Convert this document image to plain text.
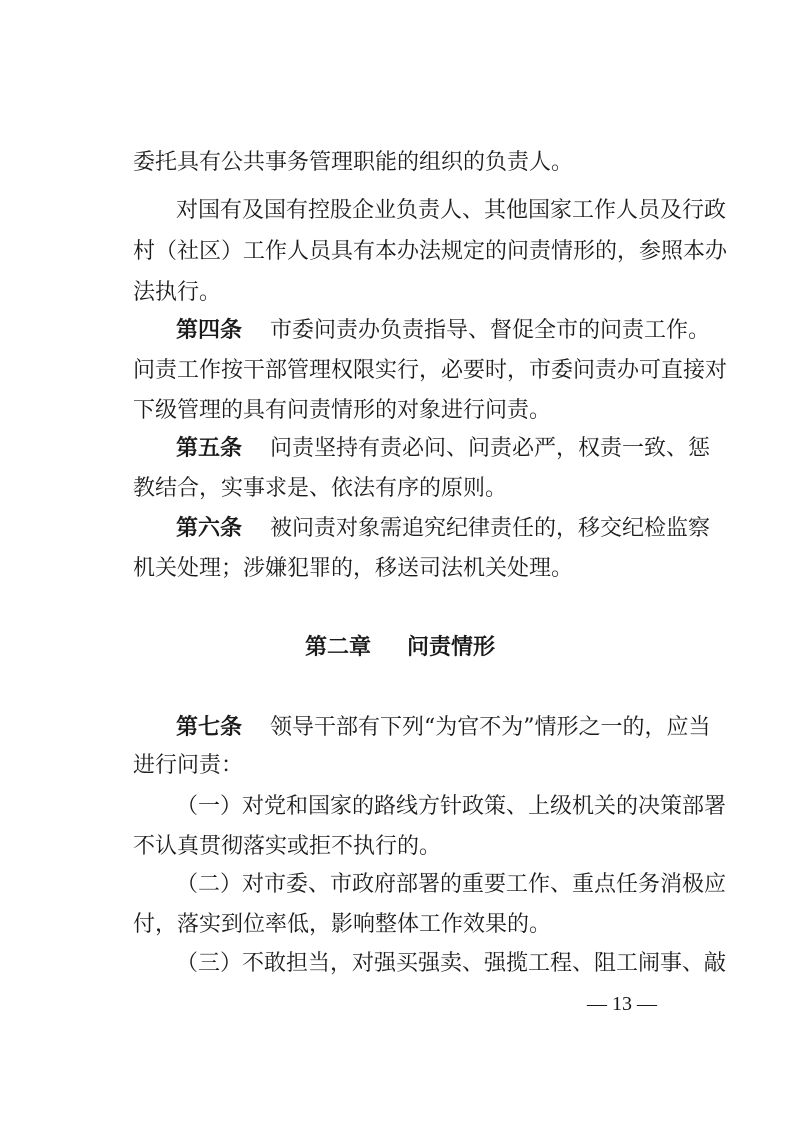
委托具有公共事务管理职能的组织的负责人。
对国有及国有控股企业负责人、其他国家工作人员及行政
村（社区）工作人员具有本办法规定的问责情形的，参照本办
法执行。
第四条 市委问责办负责指导、督促全市的问责工作。
问责工作按干部管理权限实行，必要时，市委问责办可直接对
下级管理的具有问责情形的对象进行问责。
第五条 问责坚持有责必问、问责必严，权责一致、惩
教结合，实事求是、依法有序的原则。
第六条 被问责对象需追究纪律责任的，移交纪检监察
机关处理；涉嫌犯罪的，移送司法机关处理。
第二章 问责情形
第七条 领导干部有下列“为官不为”情形之一的，应当
进行问责：
（一）对党和国家的路线方针政策、上级机关的决策部署
不认真贯彻落实或拒不执行的。
（二）对市委、市政府部署的重要工作、重点任务消极应
付，落实到位率低，影响整体工作效果的。
（三）不敢担当，对强买强卖、强揽工程、阻工闹事、敲
— 13 —
